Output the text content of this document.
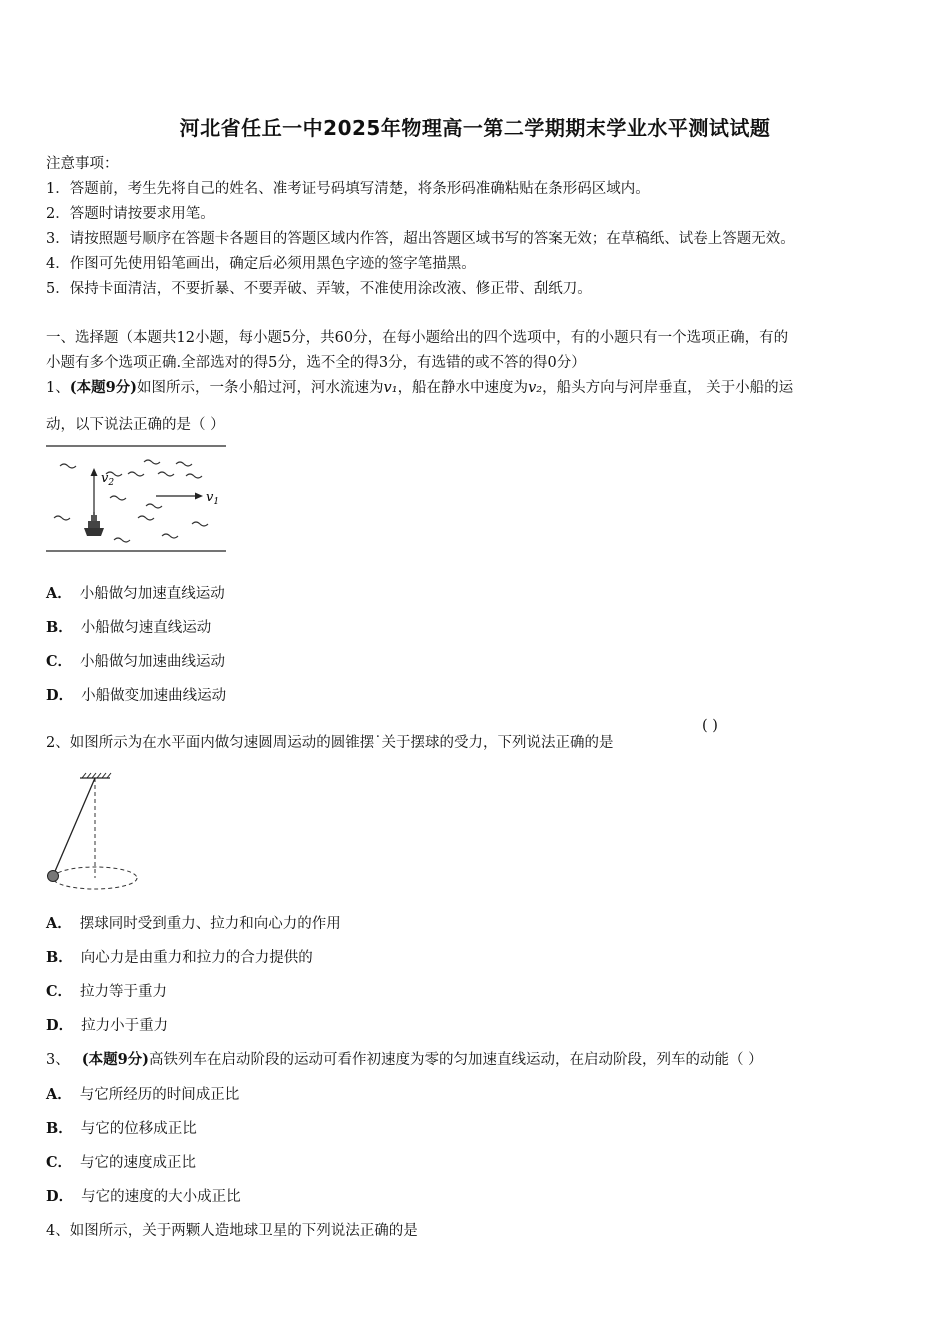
河北省任丘一中2025年物理高一第二学期期末学业水平测试试题
注意事项：
1．答题前，考生先将自己的姓名、准考证号码填写清楚，将条形码准确粘贴在条形码区域内。
2．答题时请按要求用笔。
3．请按照题号顺序在答题卡各题目的答题区域内作答，超出答题区域书写的答案无效；在草稿纸、试卷上答题无效。
4．作图可先使用铅笔画出，确定后必须用黑色字迹的签字笔描黑。
5．保持卡面清洁，不要折暴、不要弄破、弄皱，不准使用涂改液、修正带、刮纸刀。
一、选择题（本题共12小题，每小题5分，共60分，在每小题给出的四个选项中，有的小题只有一个选项正确，有的
小题有多个选项正确.全部选对的得5分，选不全的得3分，有选错的或不答的得0分）
1、(本题9分)如图所示，一条小船过河，河水流速为v₁，船在静水中速度为v₂，船头方向与河岸垂直， 关于小船的运
动，以下说法正确的是（ ）
$v_2$
$v_1$
A． 小船做匀加速直线运动
B． 小船做匀速直线运动
C． 小船做匀加速曲线运动
D． 小船做变加速曲线运动
2、如图所示为在水平面内做匀速圆周运动的圆锥摆˙关于摆球的受力，下列说法正确的是
( )
A． 摆球同时受到重力、拉力和向心力的作用
B． 向心力是由重力和拉力的合力提供的
C． 拉力等于重力
D． 拉力小于重力
3、 (本题9分)高铁列车在启动阶段的运动可看作初速度为零的匀加速直线运动，在启动阶段，列车的动能（ ）
A． 与它所经历的时间成正比
B． 与它的位移成正比
C． 与它的速度成正比
D． 与它的速度的大小成正比
4、如图所示，关于两颗人造地球卫星的下列说法正确的是
